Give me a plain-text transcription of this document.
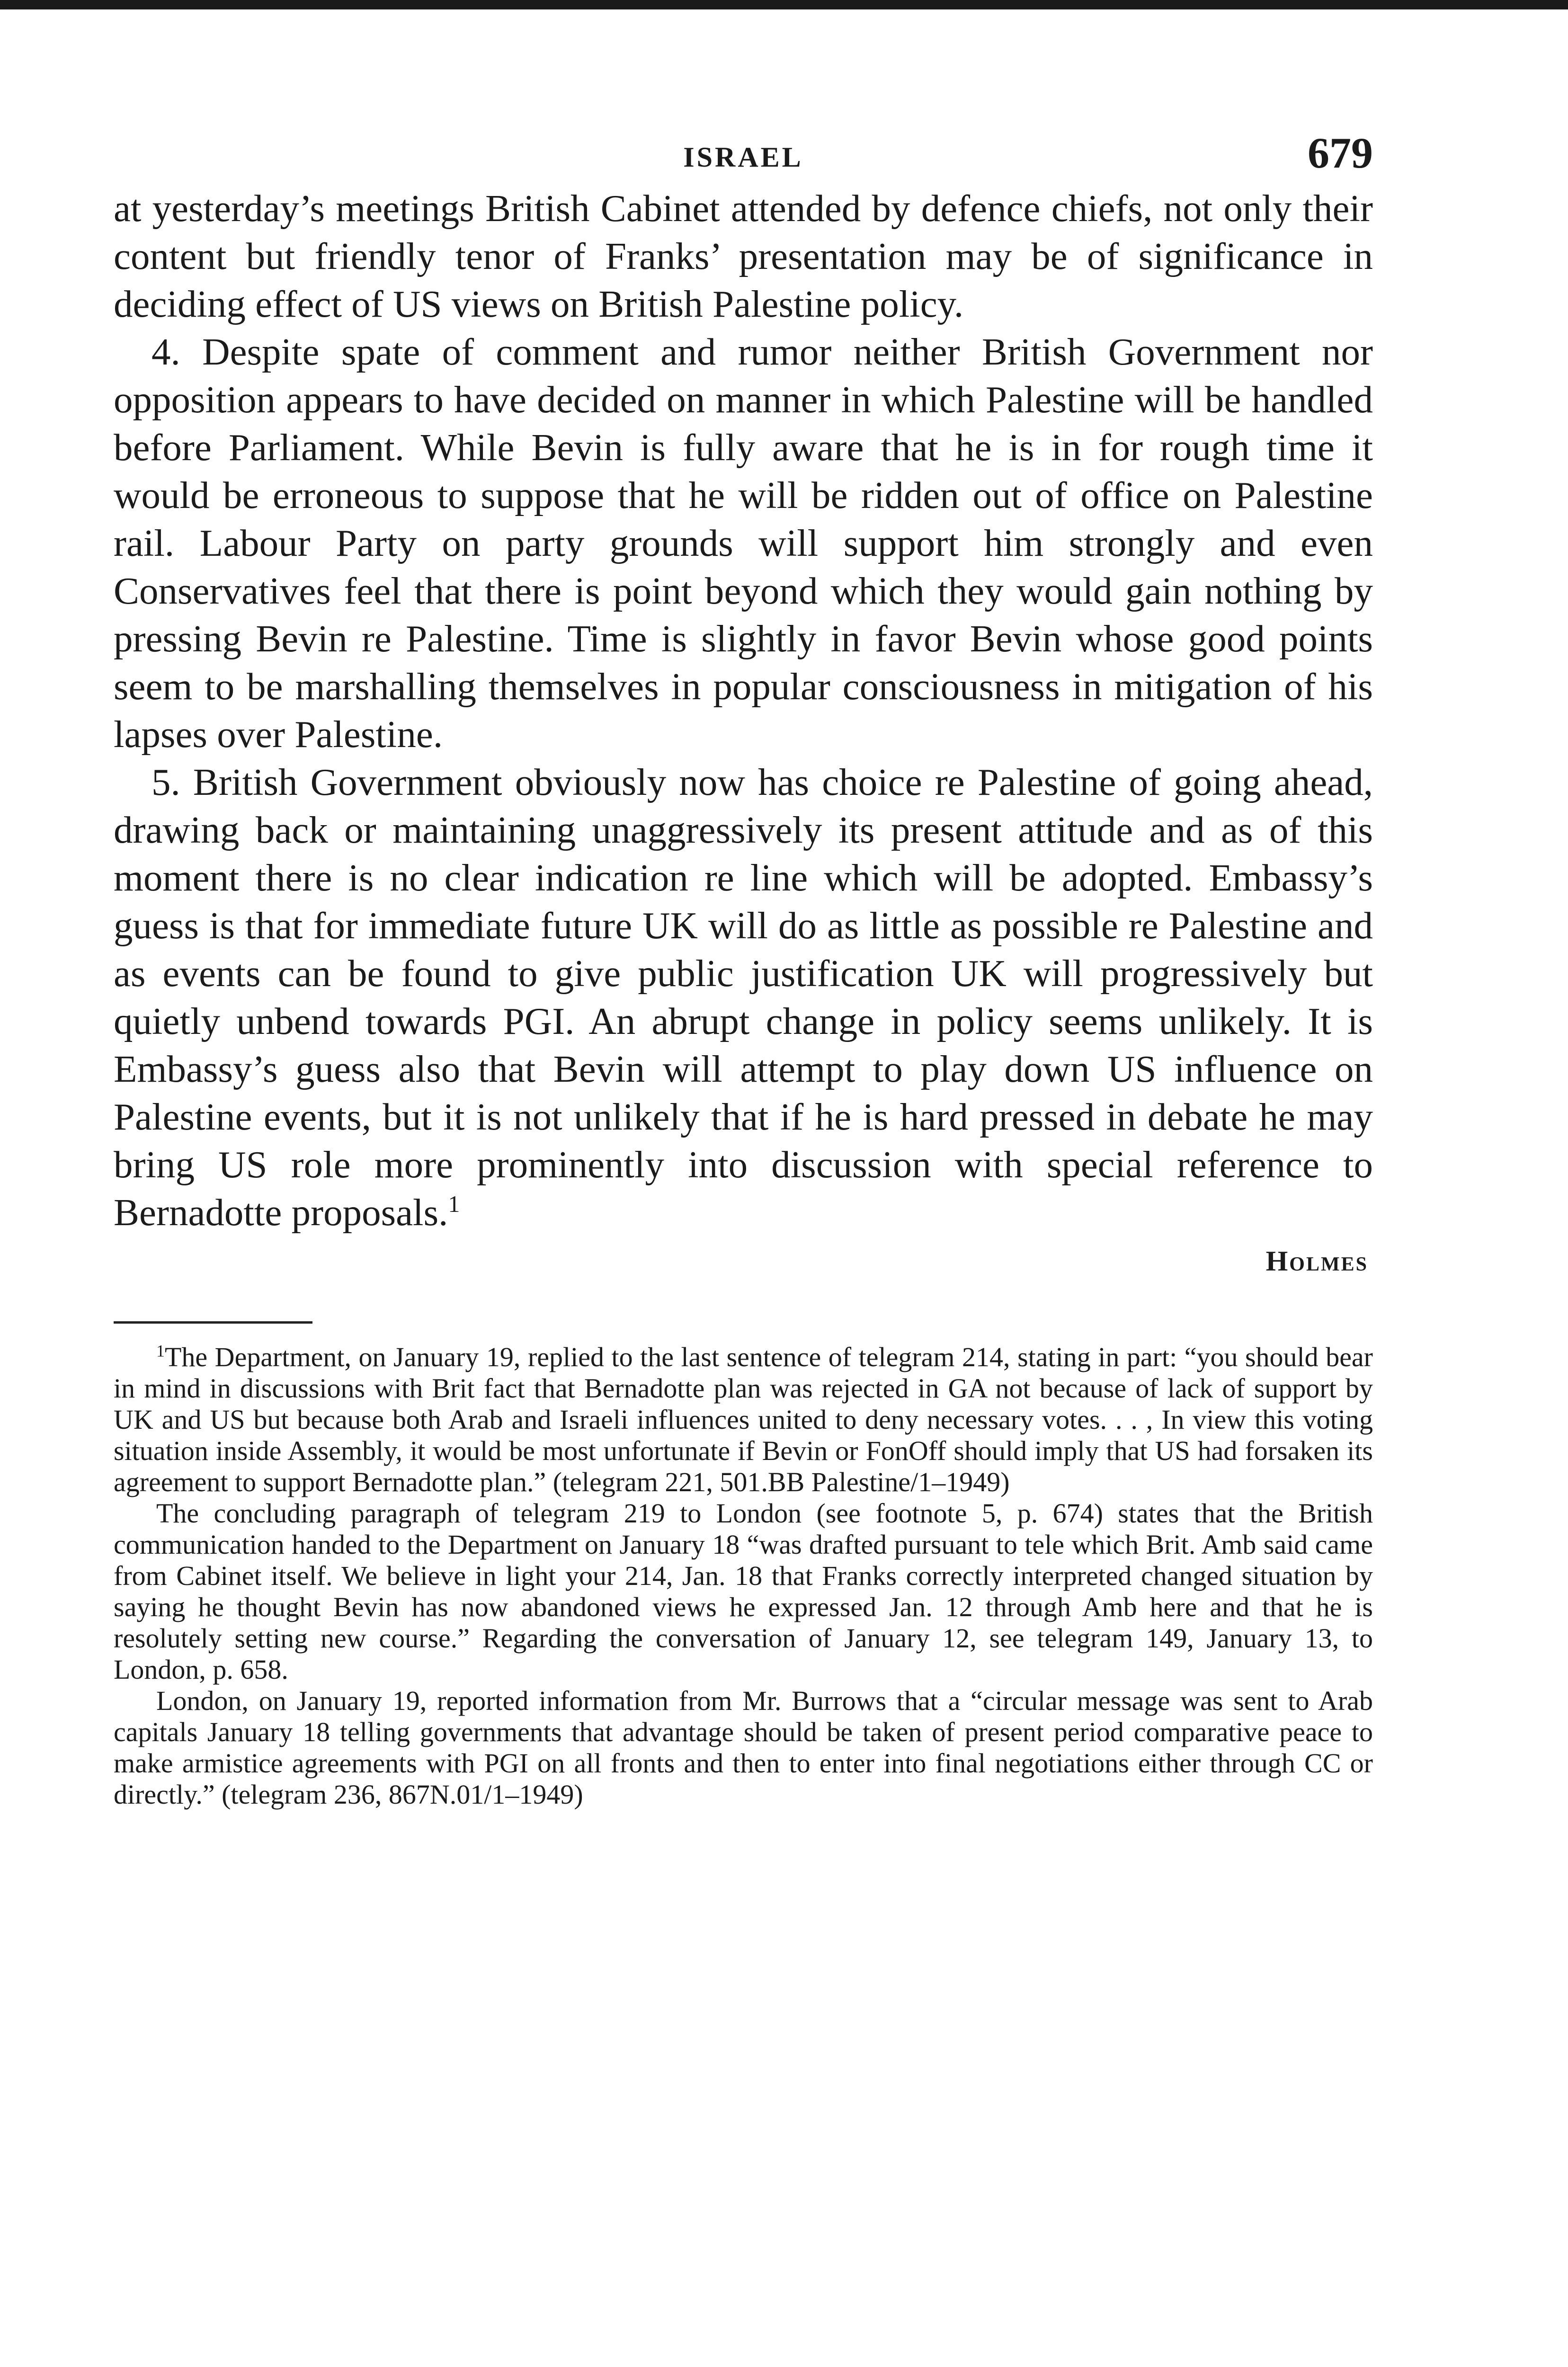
ISRAEL	679

at yesterday’s meetings British Cabinet attended by defence chiefs, not only their content but friendly tenor of Franks’ presentation may be of significance in deciding effect of US views on British Palestine policy.

4. Despite spate of comment and rumor neither British Government nor opposition appears to have decided on manner in which Palestine will be handled before Parliament. While Bevin is fully aware that he is in for rough time it would be erroneous to suppose that he will be ridden out of office on Palestine rail. Labour Party on party grounds will support him strongly and even Conservatives feel that there is point beyond which they would gain nothing by pressing Bevin re Palestine. Time is slightly in favor Bevin whose good points seem to be marshalling themselves in popular consciousness in mitigation of his lapses over Palestine.

5. British Government obviously now has choice re Palestine of going ahead, drawing back or maintaining unaggressively its present attitude and as of this moment there is no clear indication re line which will be adopted. Embassy’s guess is that for immediate future UK will do as little as possible re Palestine and as events can be found to give public justification UK will progressively but quietly unbend towards PGI. An abrupt change in policy seems unlikely. It is Embassy’s guess also that Bevin will attempt to play down US influence on Palestine events, but it is not unlikely that if he is hard pressed in debate he may bring US role more prominently into discussion with special reference to Bernadotte proposals.$^1$

Holmes

$^1$The Department, on January 19, replied to the last sentence of telegram 214, stating in part: “you should bear in mind in discussions with Brit fact that Bernadotte plan was rejected in GA not because of lack of support by UK and US but because both Arab and Israeli influences united to deny necessary votes. . . , In view this voting situation inside Assembly, it would be most unfortunate if Bevin or FonOff should imply that US had forsaken its agreement to support Bernadotte plan.” (telegram 221, 501.BB Palestine/1–1949)

The concluding paragraph of telegram 219 to London (see footnote 5, p. 674) states that the British communication handed to the Department on January 18 “was drafted pursuant to tele which Brit. Amb said came from Cabinet itself. We believe in light your 214, Jan. 18 that Franks correctly interpreted changed situation by saying he thought Bevin has now abandoned views he expressed Jan. 12 through Amb here and that he is resolutely setting new course.” Regarding the conversation of January 12, see telegram 149, January 13, to London, p. 658.

London, on January 19, reported information from Mr. Burrows that a “circular message was sent to Arab capitals January 18 telling governments that advantage should be taken of present period comparative peace to make armistice agreements with PGI on all fronts and then to enter into final negotiations either through CC or directly.” (telegram 236, 867N.01/1–1949)
